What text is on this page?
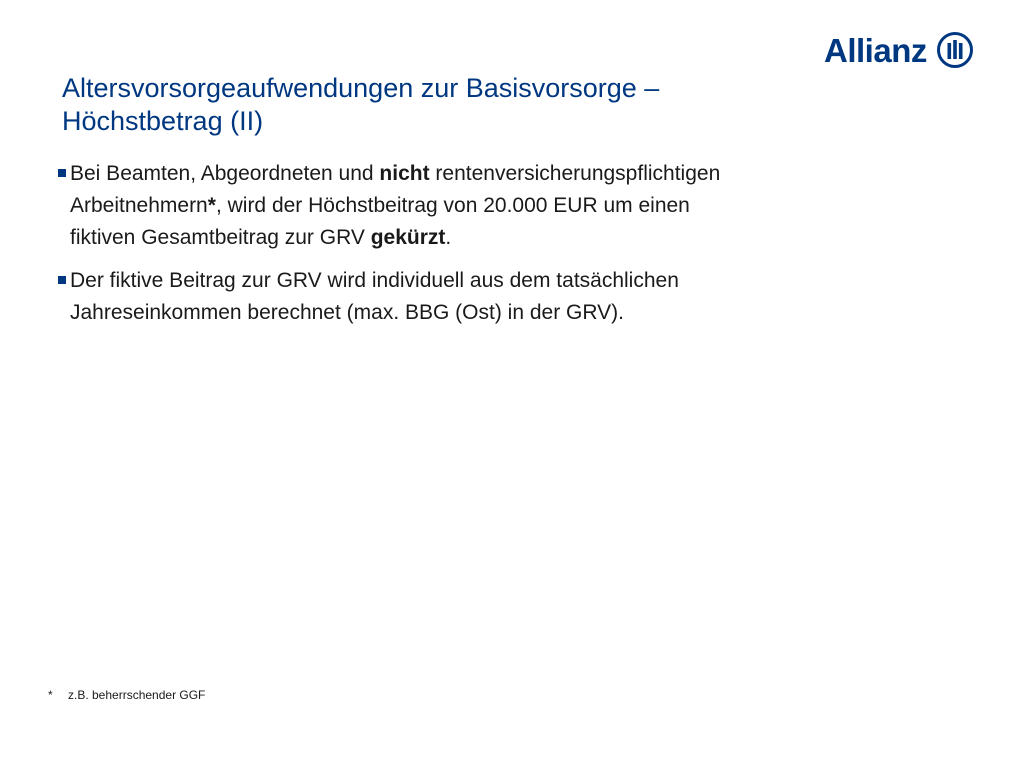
Allianz
Altersvorsorgeaufwendungen zur Basisvorsorge –
Höchstbetrag (II)
Bei Beamten, Abgeordneten und nicht rentenversicherungspflichtigen
Arbeitnehmern*, wird der Höchstbeitrag von 20.000 EUR um einen
fiktiven Gesamtbeitrag zur GRV gekürzt.
Der fiktive Beitrag zur GRV wird individuell aus dem tatsächlichen
Jahreseinkommen berechnet (max. BBG (Ost) in der GRV).
* z.B. beherrschender GGF
